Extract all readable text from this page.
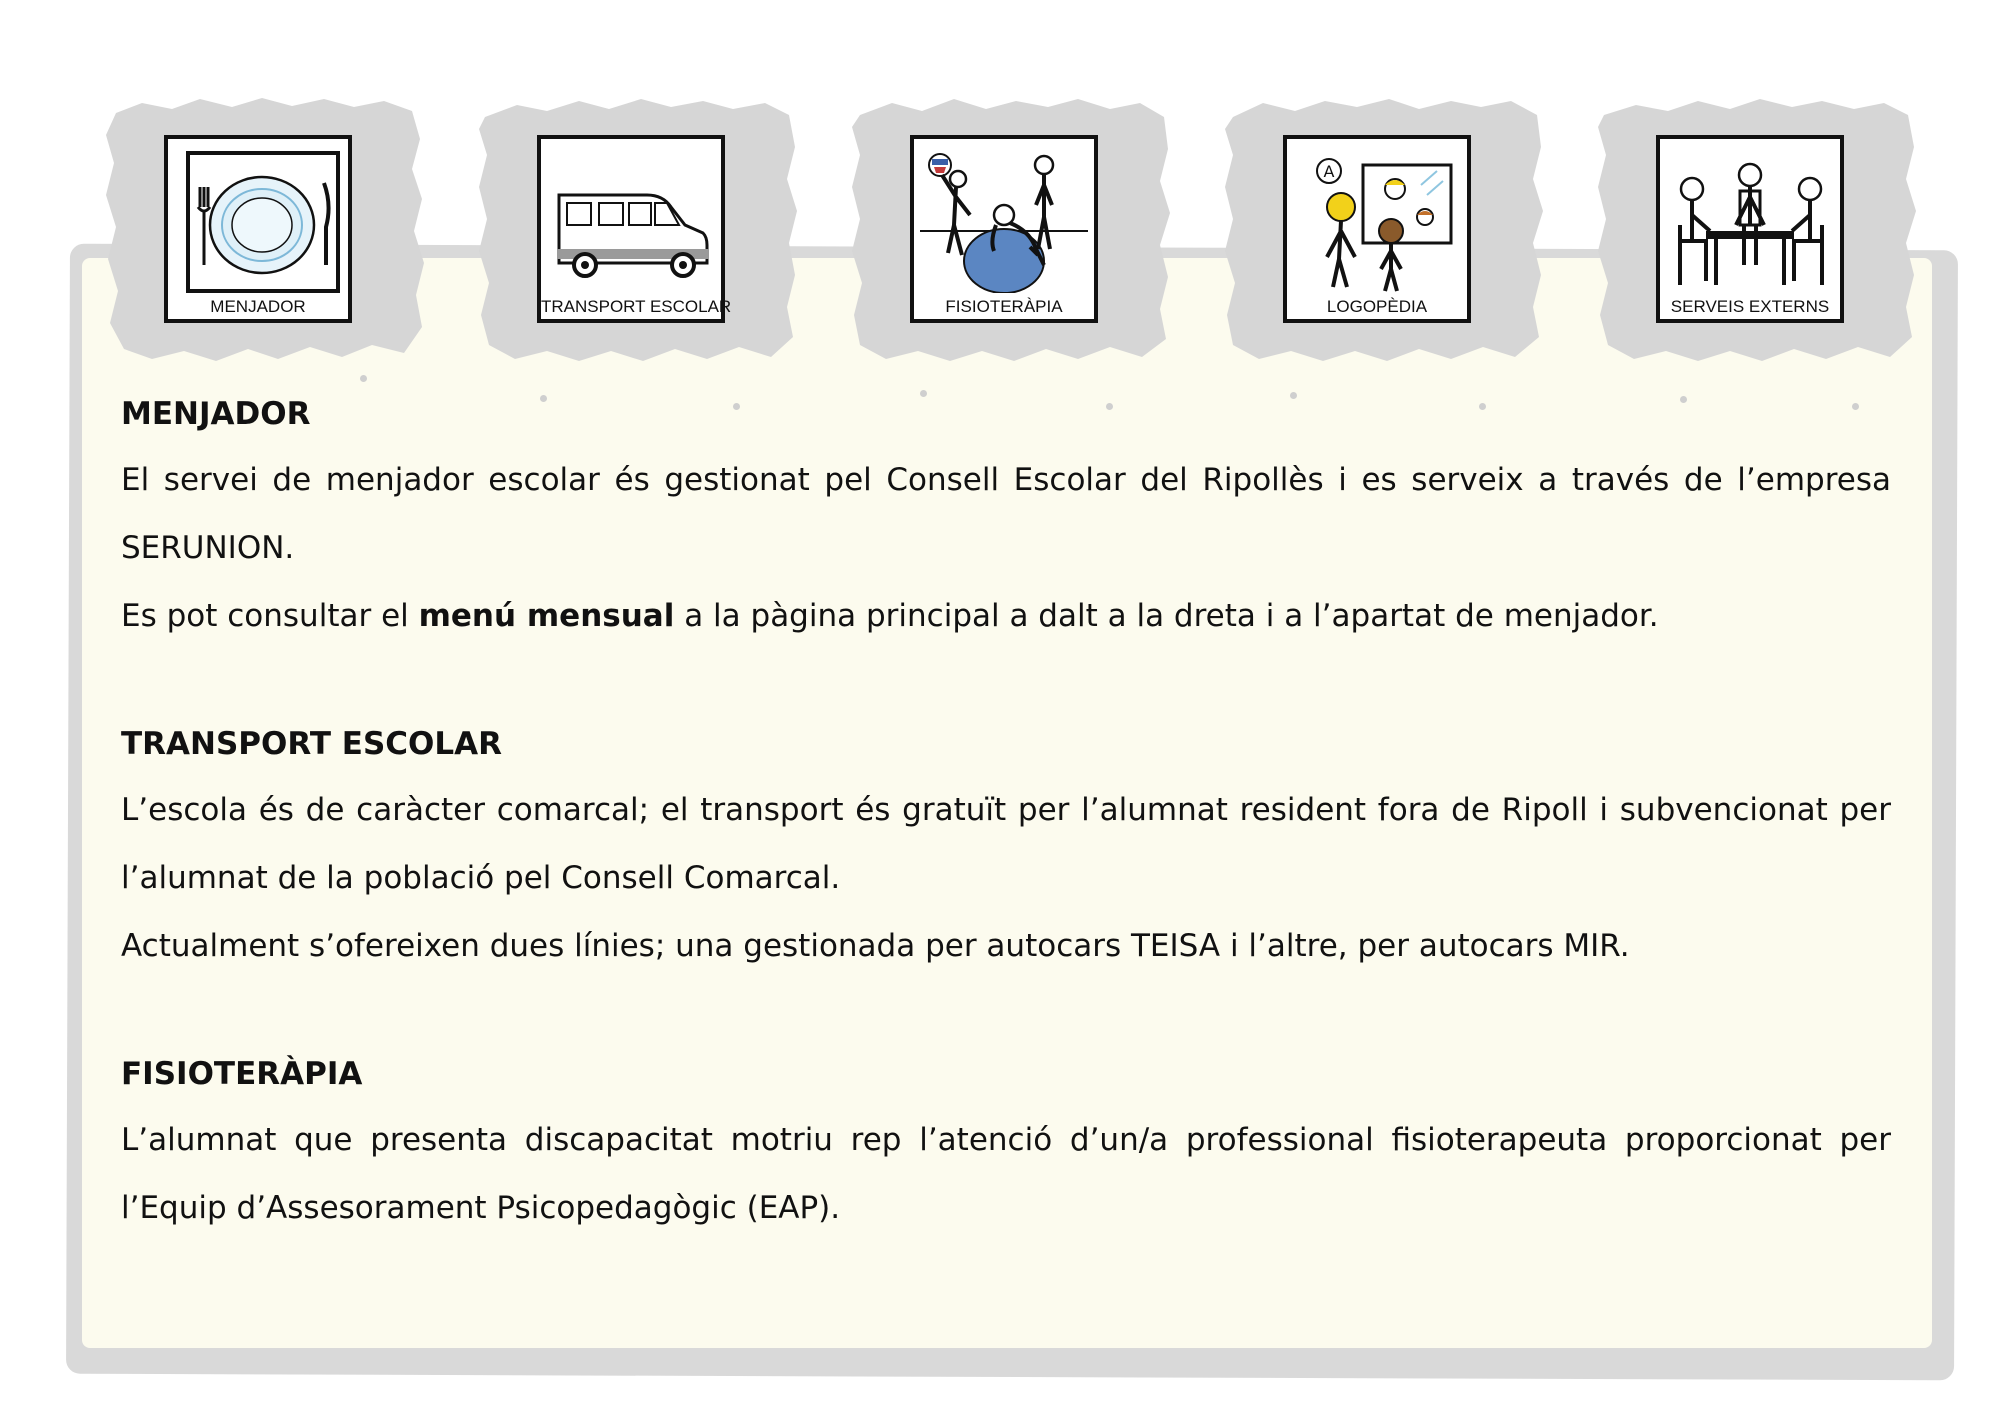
MENJADOR	TRANSPORT ESCOLAR	FISIOTERÀPIA
A
LOGOPÈDIA	SERVEIS EXTERNS
MENJADOR

El servei de menjador escolar és gestionat pel Consell Escolar del Ripollès i es serveix a través de l’empresa SERUNION.

Es pot consultar el menú mensual a la pàgina principal a dalt a la dreta i a l’apartat de menjador.

TRANSPORT ESCOLAR

L’escola és de caràcter comarcal; el transport és gratuït per l’alumnat resident fora de Ripoll i subvencionat per l’alumnat de la població pel Consell Comarcal.

Actualment s’ofereixen dues línies; una gestionada per autocars TEISA i l’altre, per autocars MIR.

FISIOTERÀPIA

L’alumnat que presenta discapacitat motriu rep l’atenció d’un/a professional fisioterapeuta proporcionat per l’Equip d’Assesorament Psicopedagògic (EAP).
